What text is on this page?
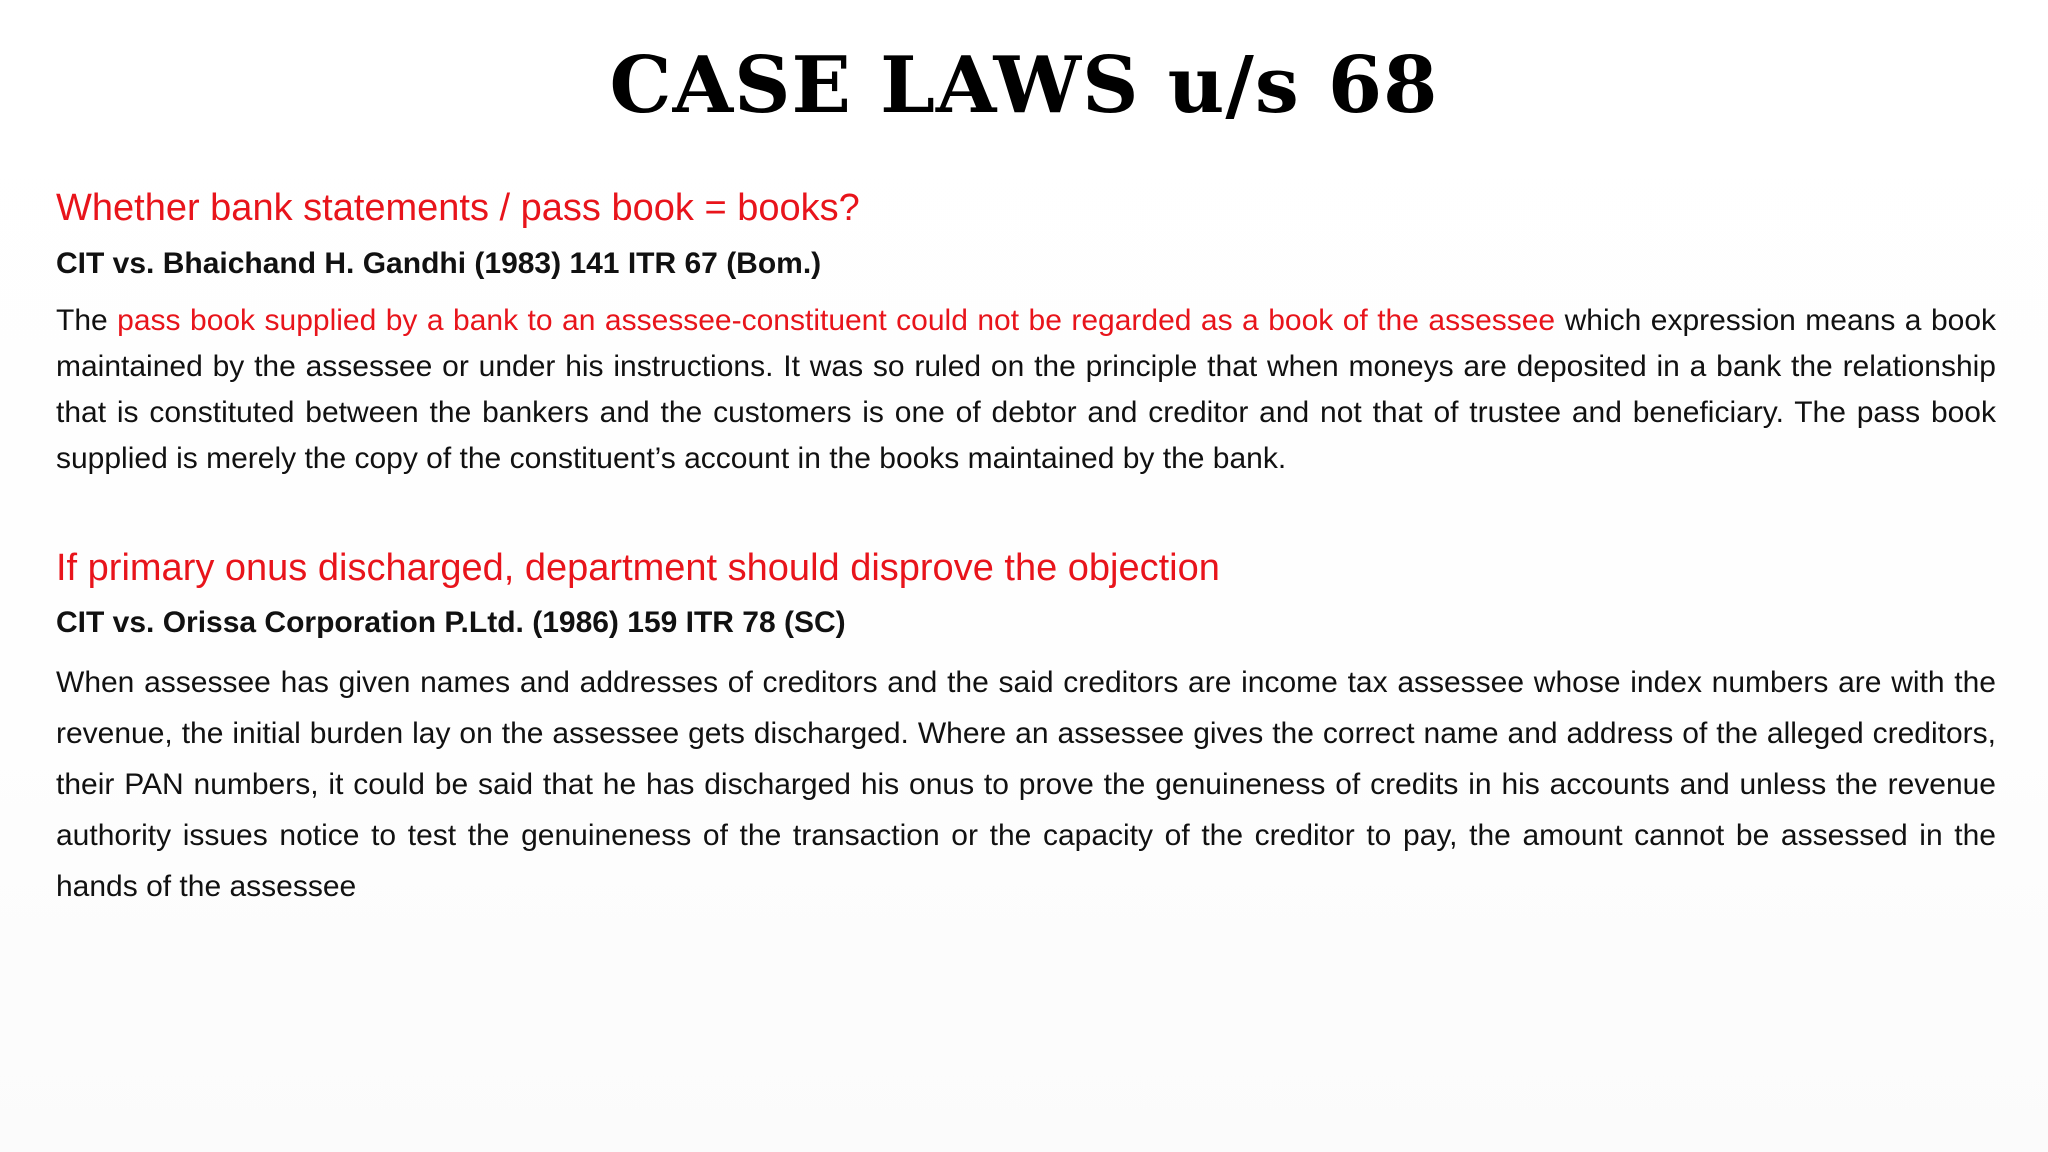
CASE LAWS u/s 68

Whether bank statements / pass book = books?

CIT vs. Bhaichand H. Gandhi (1983) 141 ITR 67 (Bom.)

The pass book supplied by a bank to an assessee-constituent could not be regarded as a book of the assessee which expression means a book maintained by the assessee or under his instructions. It was so ruled on the principle that when moneys are deposited in a bank the relationship that is constituted between the bankers and the customers is one of debtor and creditor and not that of trustee and beneficiary. The pass book supplied is merely the copy of the constituent’s account in the books maintained by the bank.

If primary onus discharged, department should disprove the objection

CIT vs. Orissa Corporation P.Ltd. (1986) 159 ITR 78 (SC)

When assessee has given names and addresses of creditors and the said creditors are income tax assessee whose index numbers are with the revenue, the initial burden lay on the assessee gets discharged. Where an assessee gives the correct name and address of the alleged creditors, their PAN numbers, it could be said that he has discharged his onus to prove the genuineness of credits in his accounts and unless the revenue authority issues notice to test the genuineness of the transaction or the capacity of the creditor to pay, the amount cannot be assessed in the hands of the assessee
